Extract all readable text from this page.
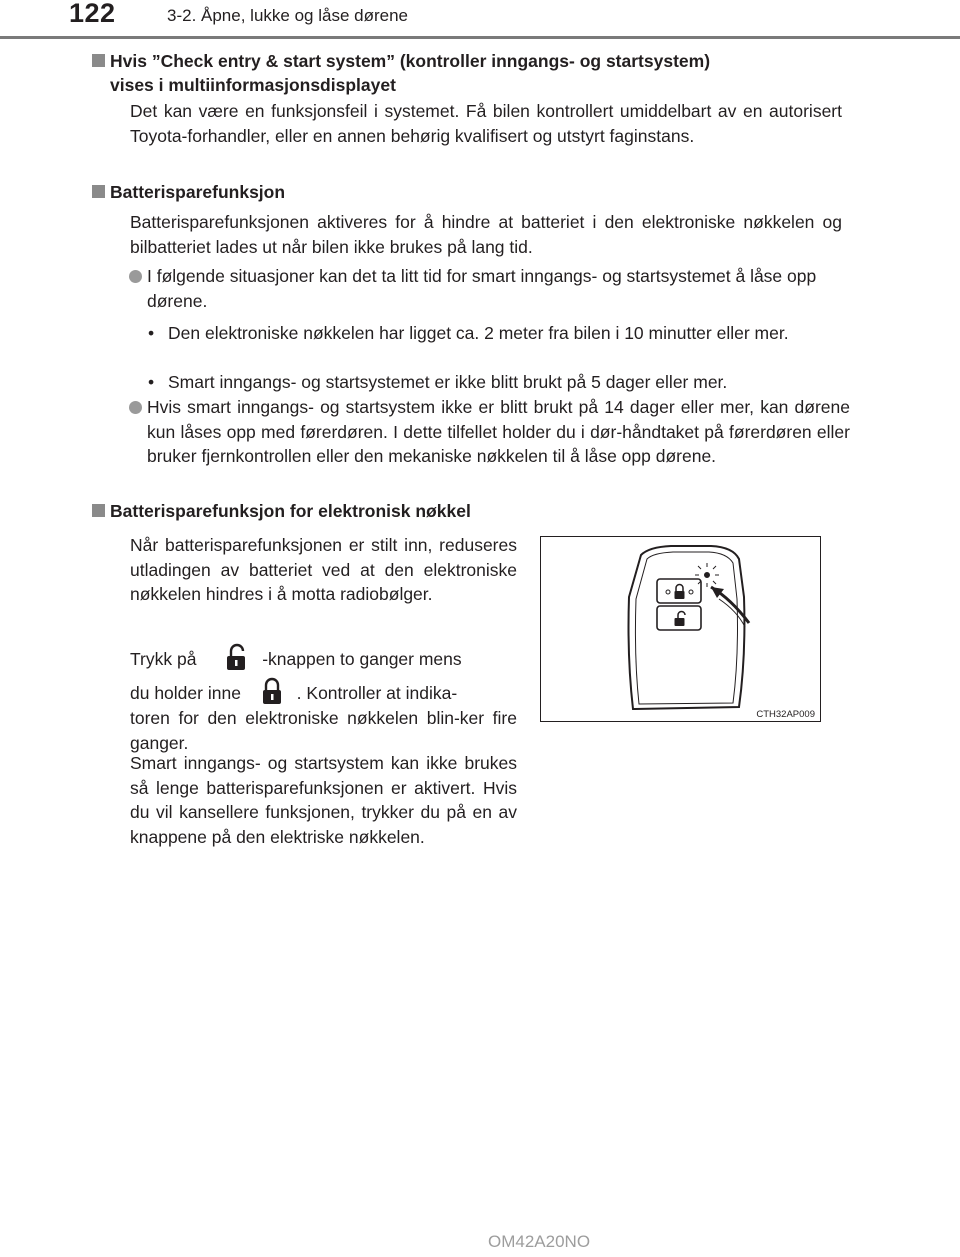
122	3-2. Åpne, lukke og låse dørene
Hvis ”Check entry & start system” (kontroller inngangs- og startsystem)
vises i multiinformasjonsdisplayet
Det kan være en funksjonsfeil i systemet. Få bilen kontrollert umiddelbart av en autorisert Toyota-forhandler, eller en annen behørig kvalifisert og utstyrt faginstans.
Batterisparefunksjon
Batterisparefunksjonen aktiveres for å hindre at batteriet i den elektroniske nøkkelen og bilbatteriet lades ut når bilen ikke brukes på lang tid.
I følgende situasjoner kan det ta litt tid for smart inngangs- og startsystemet å låse opp dørene.
• Den elektroniske nøkkelen har ligget ca. 2 meter fra bilen i 10 minutter eller mer.
• Smart inngangs- og startsystemet er ikke blitt brukt på 5 dager eller mer.
Hvis smart inngangs- og startsystem ikke er blitt brukt på 14 dager eller mer, kan dørene kun låses opp med førerdøren. I dette tilfellet holder du i dør-håndtaket på førerdøren eller bruker fjernkontrollen eller den mekaniske nøkkelen til å låse opp dørene.
Batterisparefunksjon for elektronisk nøkkel
Når batterisparefunksjonen er stilt inn, reduseres utladingen av batteriet ved at den elektroniske nøkkelen hindres i å motta radiobølger.
Trykk på	-knappen to ganger mens
du holder inne	. Kontroller at indika-
toren for den elektroniske nøkkelen blin-ker fire ganger.
Smart inngangs- og startsystem kan ikke brukes så lenge batterisparefunksjonen er aktivert. Hvis du vil kansellere funksjonen, trykker du på en av knappene på den elektriske nøkkelen.
CTH32AP009
OM42A20NO
